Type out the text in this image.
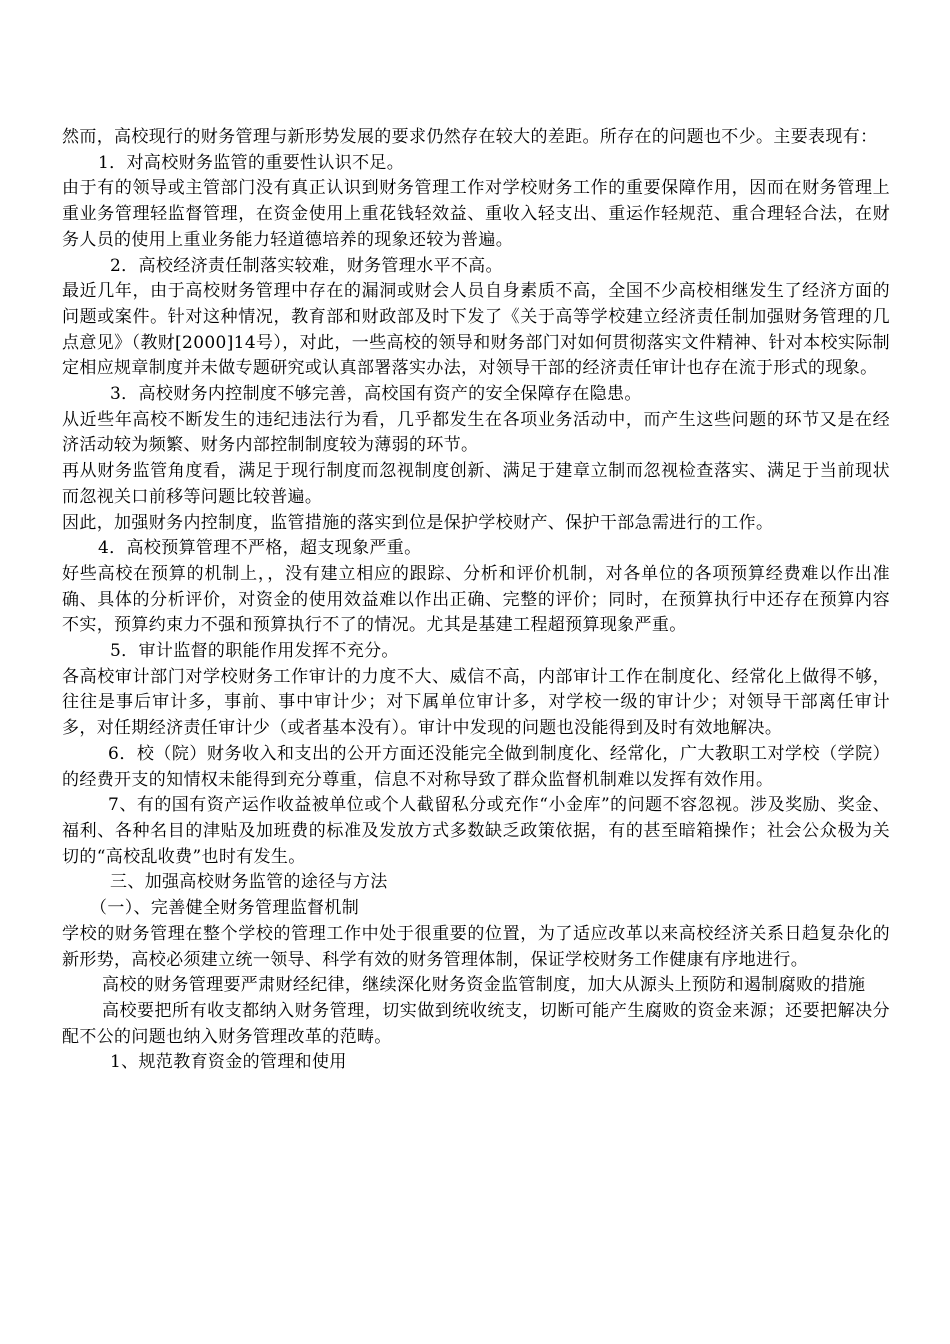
然而，高校现行的财务管理与新形势发展的要求仍然存在较大的差距。所存在的问题也不少。主要表现有：

1．对高校财务监管的重要性认识不足。

由于有的领导或主管部门没有真正认识到财务管理工作对学校财务工作的重要保障作用，因而在财务管理上重业务管理轻监督管理，在资金使用上重花钱轻效益、重收入轻支出、重运作轻规范、重合理轻合法，在财务人员的使用上重业务能力轻道德培养的现象还较为普遍。

2．高校经济责任制落实较难，财务管理水平不高。

最近几年，由于高校财务管理中存在的漏洞或财会人员自身素质不高，全国不少高校相继发生了经济方面的问题或案件。针对这种情况，教育部和财政部及时下发了《关于高等学校建立经济责任制加强财务管理的几点意见》（教财[2000]14号），对此，一些高校的领导和财务部门对如何贯彻落实文件精神、针对本校实际制定相应规章制度并未做专题研究或认真部署落实办法，对领导干部的经济责任审计也存在流于形式的现象。

3．高校财务内控制度不够完善，高校国有资产的安全保障存在隐患。

从近些年高校不断发生的违纪违法行为看，几乎都发生在各项业务活动中，而产生这些问题的环节又是在经济活动较为频繁、财务内部控制制度较为薄弱的环节。

再从财务监管角度看，满足于现行制度而忽视制度创新、满足于建章立制而忽视检查落实、满足于当前现状而忽视关口前移等问题比较普遍。

因此，加强财务内控制度，监管措施的落实到位是保护学校财产、保护干部急需进行的工作。

4．高校预算管理不严格，超支现象严重。

好些高校在预算的机制上，，没有建立相应的跟踪、分析和评价机制，对各单位的各项预算经费难以作出准确、具体的分析评价，对资金的使用效益难以作出正确、完整的评价；同时，在预算执行中还存在预算内容不实，预算约束力不强和预算执行不了的情况。尤其是基建工程超预算现象严重。

5．审计监督的职能作用发挥不充分。

各高校审计部门对学校财务工作审计的力度不大、威信不高，内部审计工作在制度化、经常化上做得不够，往往是事后审计多，事前、事中审计少；对下属单位审计多，对学校一级的审计少；对领导干部离任审计多，对任期经济责任审计少（或者基本没有）。审计中发现的问题也没能得到及时有效地解决。

6．校（院）财务收入和支出的公开方面还没能完全做到制度化、经常化，广大教职工对学校（学院）的经费开支的知情权未能得到充分尊重，信息不对称导致了群众监督机制难以发挥有效作用。

7、有的国有资产运作收益被单位或个人截留私分或充作“小金库”的问题不容忽视。涉及奖励、奖金、福利、各种名目的津贴及加班费的标准及发放方式多数缺乏政策依据，有的甚至暗箱操作；社会公众极为关切的“高校乱收费”也时有发生。

三、加强高校财务监管的途径与方法

（一）、完善健全财务管理监督机制

学校的财务管理在整个学校的管理工作中处于很重要的位置，为了适应改革以来高校经济关系日趋复杂化的新形势，高校必须建立统一领导、科学有效的财务管理体制，保证学校财务工作健康有序地进行。

高校的财务管理要严肃财经纪律，继续深化财务资金监管制度，加大从源头上预防和遏制腐败的措施

高校要把所有收支都纳入财务管理，切实做到统收统支，切断可能产生腐败的资金来源；还要把解决分配不公的问题也纳入财务管理改革的范畴。

1、规范教育资金的管理和使用
